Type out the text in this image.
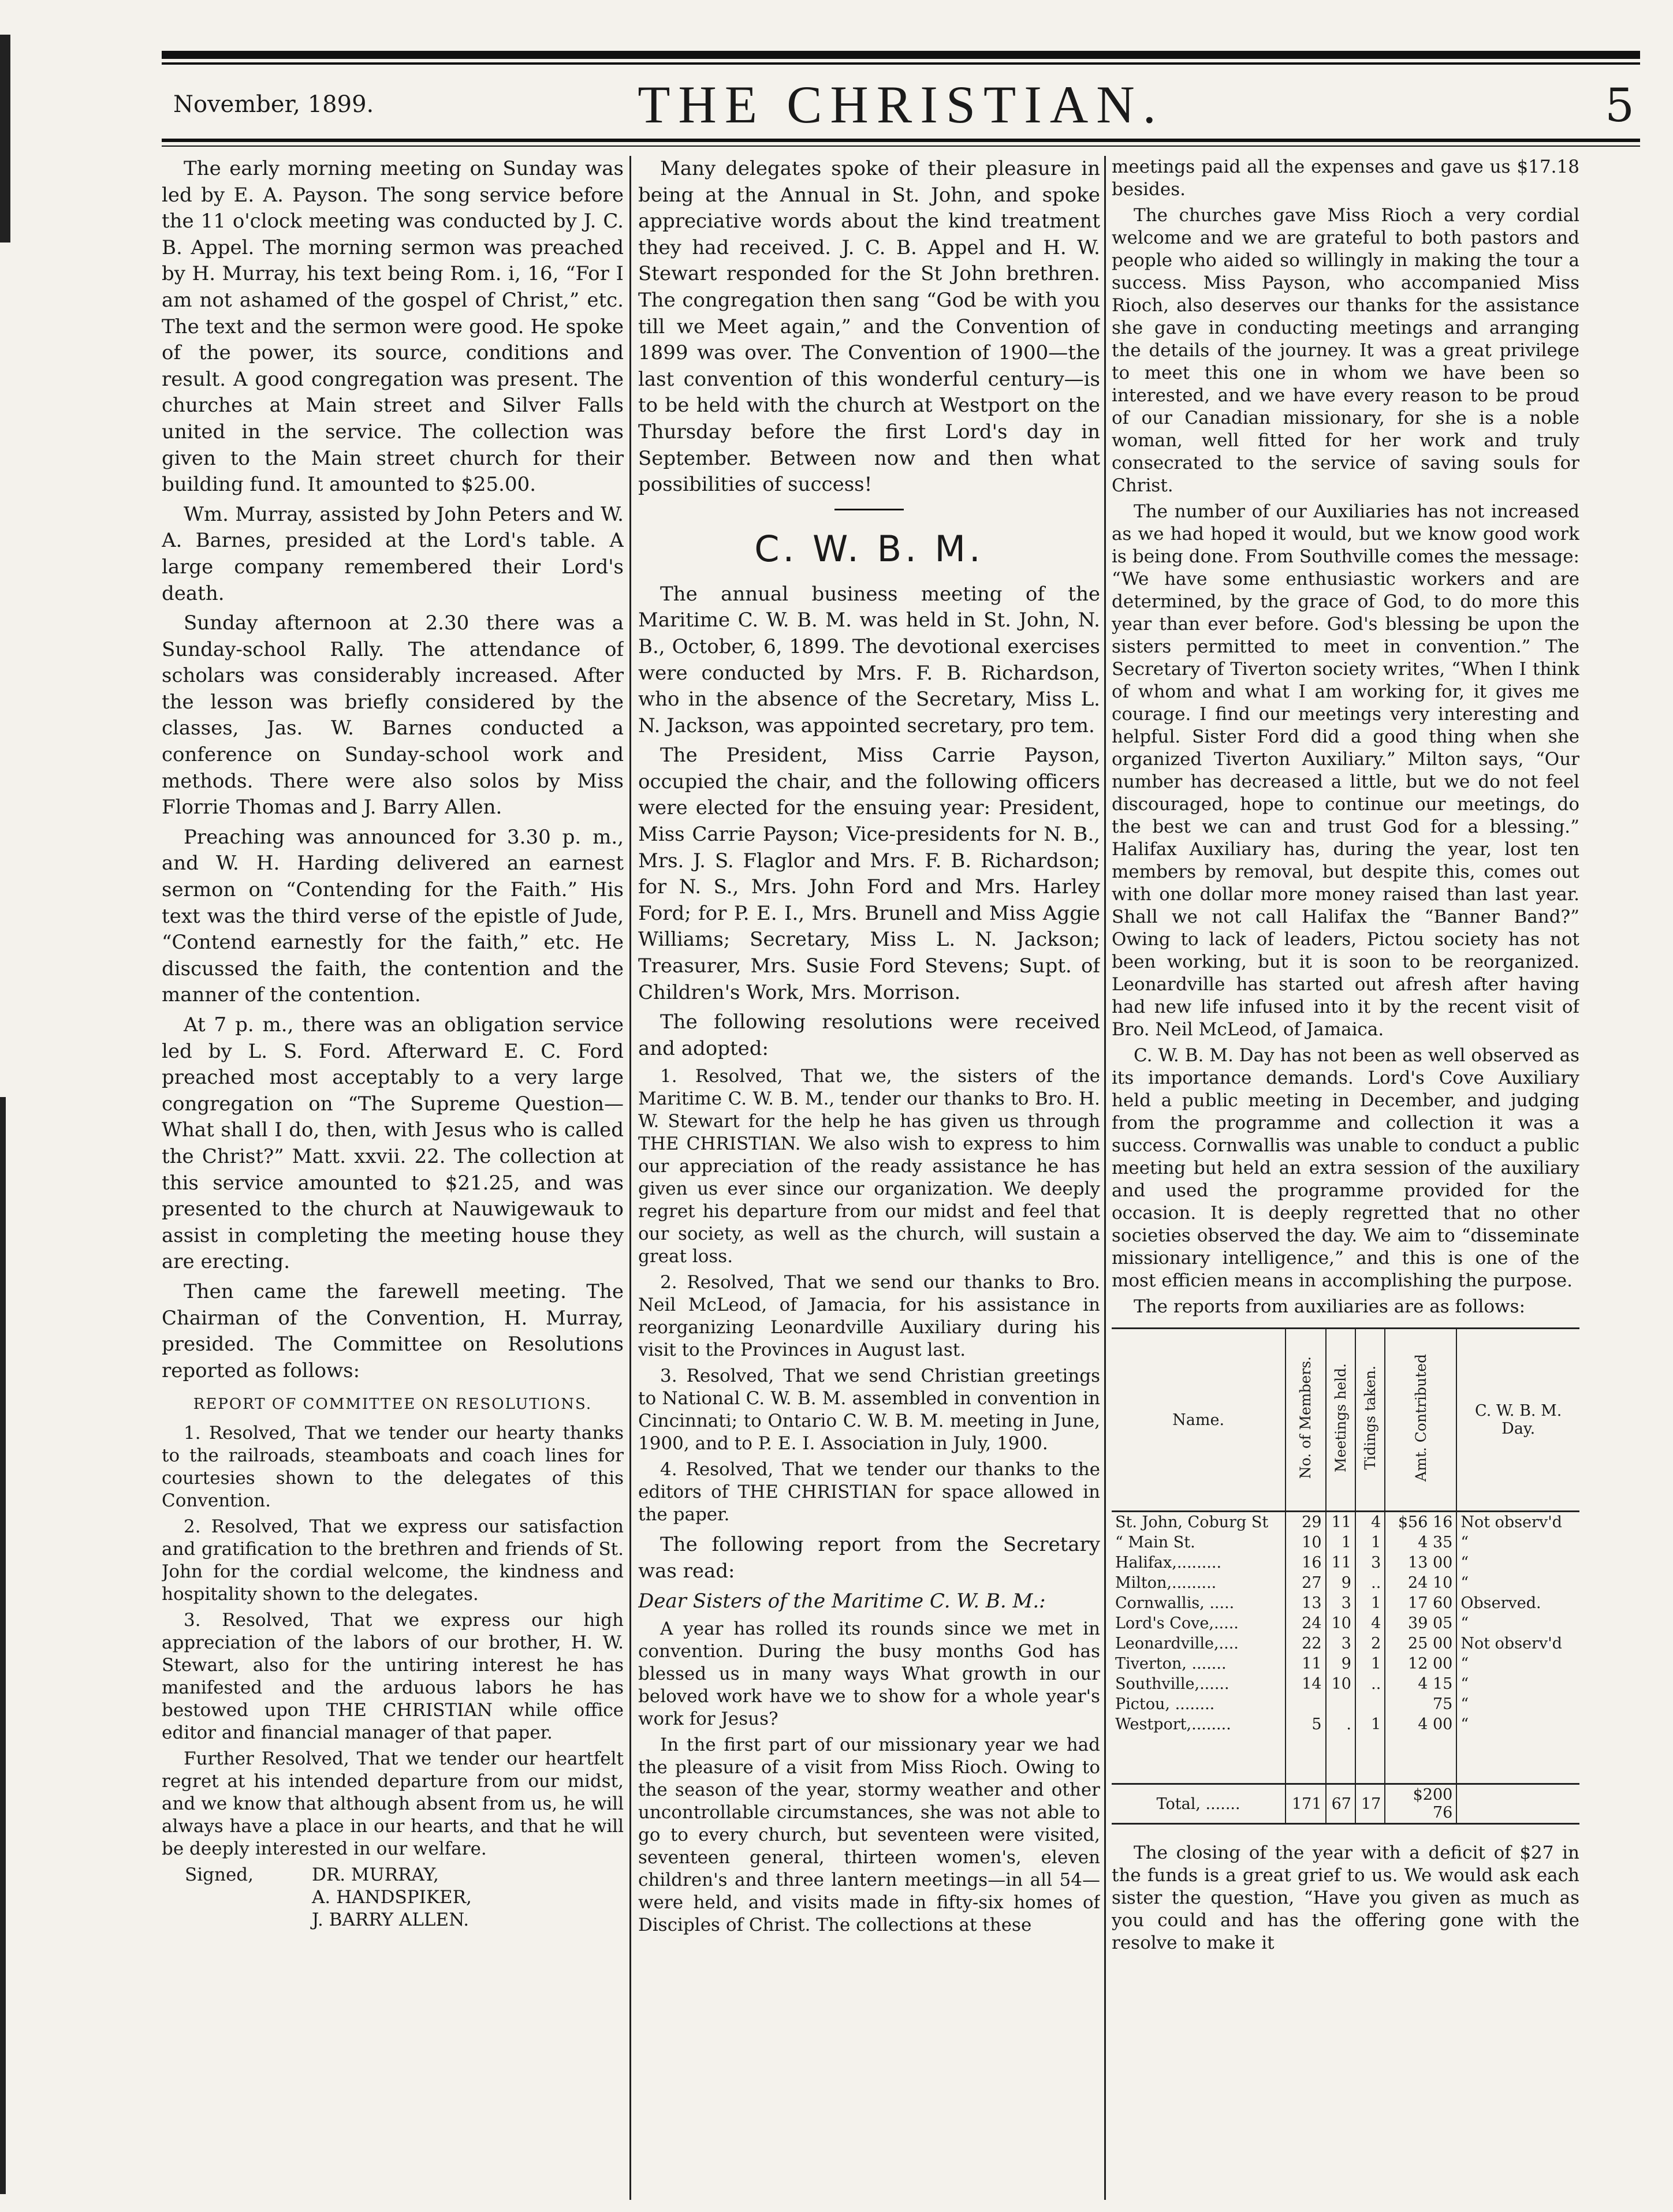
November, 1899.	THE CHRISTIAN.	5

The early morning meeting on Sunday was led by E. A. Payson. The song service before the 11 o'clock meeting was conducted by J. C. B. Appel. The morning sermon was preached by H. Murray, his text being Rom. i, 16, “For I am not ashamed of the gospel of Christ,” etc. The text and the sermon were good. He spoke of the power, its source, conditions and result. A good congregation was present. The churches at Main street and Silver Falls united in the service. The collection was given to the Main street church for their building fund. It amounted to $25.00.

Wm. Murray, assisted by John Peters and W. A. Barnes, presided at the Lord's table. A large company remembered their Lord's death.

Sunday afternoon at 2.30 there was a Sunday-school Rally. The attendance of scholars was considerably increased. After the lesson was briefly considered by the classes, Jas. W. Barnes conducted a conference on Sunday-school work and methods. There were also solos by Miss Florrie Thomas and J. Barry Allen.

Preaching was announced for 3.30 p. m., and W. H. Harding delivered an earnest sermon on “Contending for the Faith.” His text was the third verse of the epistle of Jude, “Contend earnestly for the faith,” etc. He discussed the faith, the contention and the manner of the contention.

At 7 p. m., there was an obligation service led by L. S. Ford. Afterward E. C. Ford preached most acceptably to a very large congregation on “The Supreme Question—What shall I do, then, with Jesus who is called the Christ?” Matt. xxvii. 22. The collection at this service amounted to $21.25, and was presented to the church at Nauwigewauk to assist in completing the meeting house they are erecting.

Then came the farewell meeting. The Chairman of the Convention, H. Murray, presided. The Committee on Resolutions reported as follows:

REPORT OF COMMITTEE ON RESOLUTIONS.

1. Resolved, That we tender our hearty thanks to the railroads, steamboats and coach lines for courtesies shown to the delegates of this Convention.

2. Resolved, That we express our satisfaction and gratification to the brethren and friends of St. John for the cordial welcome, the kindness and hospitality shown to the delegates.

3. Resolved, That we express our high appreciation of the labors of our brother, H. W. Stewart, also for the untiring interest he has manifested and the arduous labors he has bestowed upon THE CHRISTIAN while office editor and financial manager of that paper.

Further Resolved, That we tender our heartfelt regret at his intended departure from our midst, and we know that although absent from us, he will always have a place in our hearts, and that he will be deeply interested in our welfare.

Signed,	DR. MURRAY,
A. HANDSPIKER,
J. BARRY ALLEN.

Many delegates spoke of their pleasure in being at the Annual in St. John, and spoke appreciative words about the kind treatment they had received. J. C. B. Appel and H. W. Stewart responded for the St John brethren. The congregation then sang “God be with you till we Meet again,” and the Convention of 1899 was over. The Convention of 1900—the last convention of this wonderful century—is to be held with the church at Westport on the Thursday before the first Lord's day in September. Between now and then what possibilities of success!

C. W. B. M.

The annual business meeting of the Maritime C. W. B. M. was held in St. John, N. B., October, 6, 1899. The devotional exercises were conducted by Mrs. F. B. Richardson, who in the absence of the Secretary, Miss L. N. Jackson, was appointed secretary, pro tem.

The President, Miss Carrie Payson, occupied the chair, and the following officers were elected for the ensuing year: President, Miss Carrie Payson; Vice-presidents for N. B., Mrs. J. S. Flaglor and Mrs. F. B. Richardson; for N. S., Mrs. John Ford and Mrs. Harley Ford; for P. E. I., Mrs. Brunell and Miss Aggie Williams; Secretary, Miss L. N. Jackson; Treasurer, Mrs. Susie Ford Stevens; Supt. of Children's Work, Mrs. Morrison.

The following resolutions were received and adopted:

1. Resolved, That we, the sisters of the Maritime C. W. B. M., tender our thanks to Bro. H. W. Stewart for the help he has given us through THE CHRISTIAN. We also wish to express to him our appreciation of the ready assistance he has given us ever since our organization. We deeply regret his departure from our midst and feel that our society, as well as the church, will sustain a great loss.

2. Resolved, That we send our thanks to Bro. Neil McLeod, of Jamacia, for his assistance in reorganizing Leonardville Auxiliary during his visit to the Provinces in August last.

3. Resolved, That we send Christian greetings to National C. W. B. M. assembled in convention in Cincinnati; to Ontario C. W. B. M. meeting in June, 1900, and to P. E. I. Association in July, 1900.

4. Resolved, That we tender our thanks to the editors of THE CHRISTIAN for space allowed in the paper.

The following report from the Secretary was read:

Dear Sisters of the Maritime C. W. B. M.:

A year has rolled its rounds since we met in convention. During the busy months God has blessed us in many ways What growth in our beloved work have we to show for a whole year's work for Jesus?

In the first part of our missionary year we had the pleasure of a visit from Miss Rioch. Owing to the season of the year, stormy weather and other uncontrollable circumstances, she was not able to go to every church, but seventeen were visited, seventeen general, thirteen women's, eleven children's and three lantern meetings—in all 54—were held, and visits made in fifty-six homes of Disciples of Christ. The collections at these

meetings paid all the expenses and gave us $17.18 besides.

The churches gave Miss Rioch a very cordial welcome and we are grateful to both pastors and people who aided so willingly in making the tour a success. Miss Payson, who accompanied Miss Rioch, also deserves our thanks for the assistance she gave in conducting meetings and arranging the details of the journey. It was a great privilege to meet this one in whom we have been so interested, and we have every reason to be proud of our Canadian missionary, for she is a noble woman, well fitted for her work and truly consecrated to the service of saving souls for Christ.

The number of our Auxiliaries has not increased as we had hoped it would, but we know good work is being done. From Southville comes the message: “We have some enthusiastic workers and are determined, by the grace of God, to do more this year than ever before. God's blessing be upon the sisters permitted to meet in convention.” The Secretary of Tiverton society writes, “When I think of whom and what I am working for, it gives me courage. I find our meetings very interesting and helpful. Sister Ford did a good thing when she organized Tiverton Auxiliary.” Milton says, “Our number has decreased a little, but we do not feel discouraged, hope to continue our meetings, do the best we can and trust God for a blessing.” Halifax Auxiliary has, during the year, lost ten members by removal, but despite this, comes out with one dollar more money raised than last year. Shall we not call Halifax the “Banner Band?” Owing to lack of leaders, Pictou society has not been working, but it is soon to be reorganized. Leonardville has started out afresh after having had new life infused into it by the recent visit of Bro. Neil McLeod, of Jamaica.

C. W. B. M. Day has not been as well observed as its importance demands. Lord's Cove Auxiliary held a public meeting in December, and judging from the programme and collection it was a success. Cornwallis was unable to conduct a public meeting but held an extra session of the auxiliary and used the programme provided for the occasion. It is deeply regretted that no other societies observed the day. We aim to “disseminate missionary intelligence,” and this is one of the most efficien means in accomplishing the purpose.

The reports from auxiliaries are as follows:

Name.	No. of Members.	Meetings held.	Tidings taken.	Amt. Contributed	C. W. B. M. Day.
St. John, Coburg St	29	11	4	$56 16	Not observ'd
“ Main St.	10	1	1	4 35	“
Halifax,.........	16	11	3	13 00	“
Milton,.........	27	9	..	24 10	“
Cornwallis, .....	13	3	1	17 60	Observed.
Lord's Cove,.....	24	10	4	39 05	“
Leonardville,....	22	3	2	25 00	Not observ'd
Tiverton, .......	11	9	1	12 00	“
Southville,......	14	10	..	4 15	“
Pictou, ........				75	“
Westport,........	5	.	1	4 00	“

Total, .......	171	67	17	$200 76	

The closing of the year with a deficit of $27 in the funds is a great grief to us. We would ask each sister the question, “Have you given as much as you could and has the offering gone with the resolve to make it
